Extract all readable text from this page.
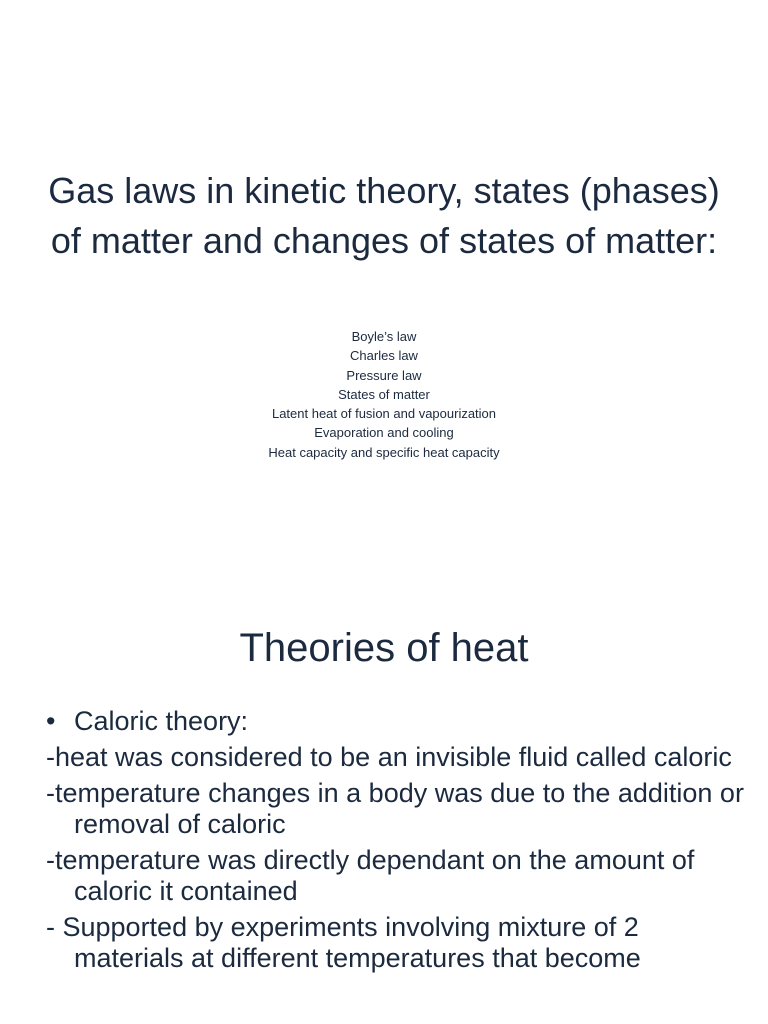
Gas laws in kinetic theory, states (phases) of matter and changes of states of matter:
Boyle’s law
Charles law
Pressure law
States of matter
Latent heat of fusion and vapourization
Evaporation and cooling
Heat capacity and specific heat capacity
Theories of heat
• Caloric theory:
-heat was considered to be an invisible fluid called caloric
-temperature changes in a body was due to the addition or removal of caloric
-temperature was directly dependant on the amount of caloric it contained
- Supported by experiments involving mixture of 2 materials at different temperatures that become
